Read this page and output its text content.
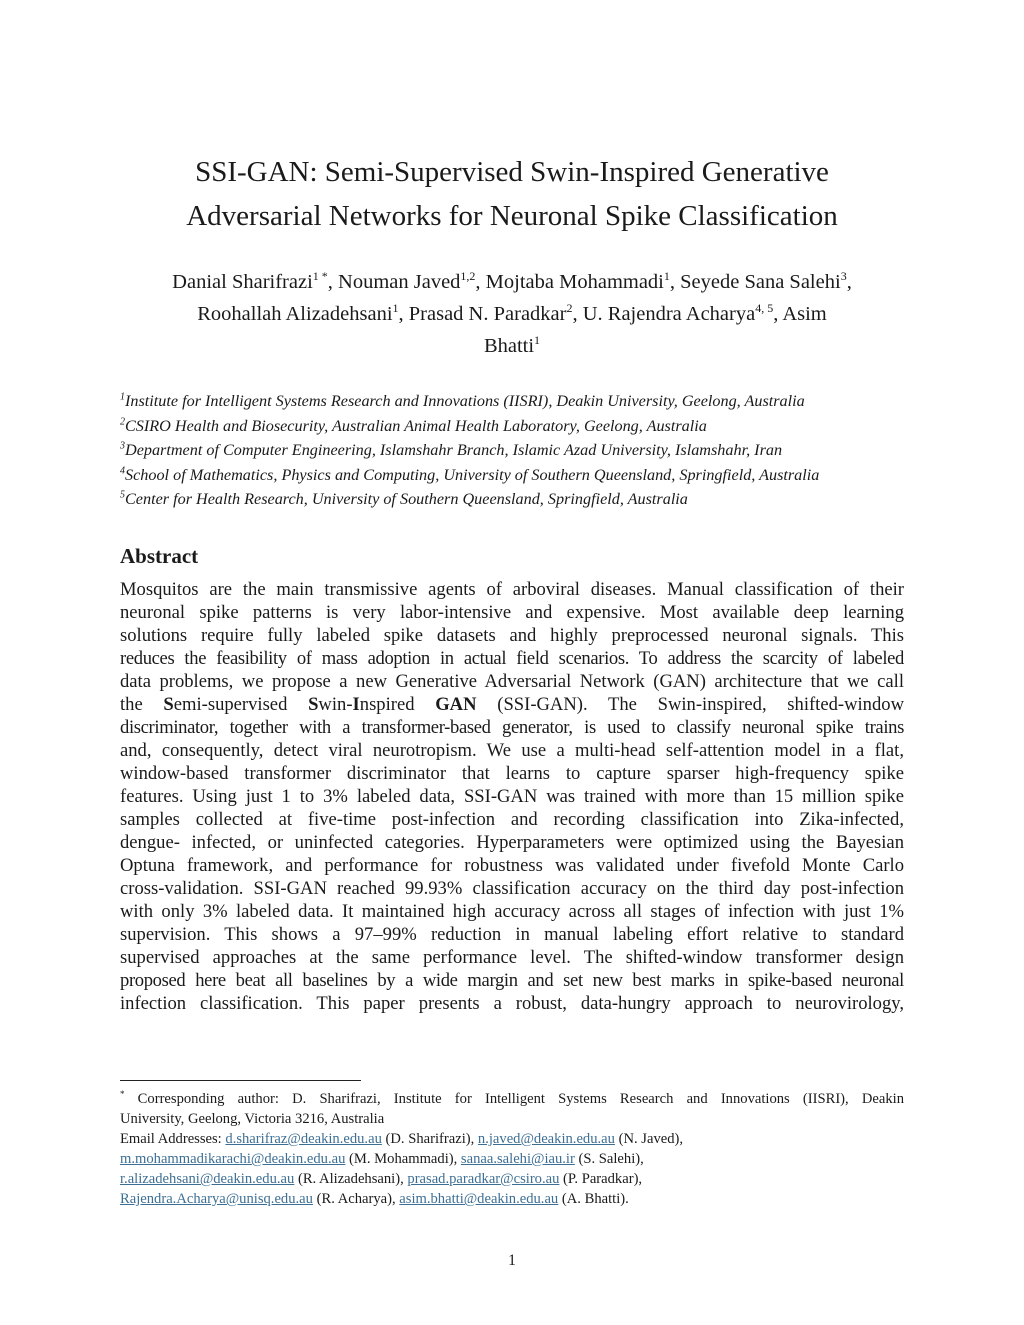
SSI-GAN: Semi-Supervised Swin-Inspired Generative
Adversarial Networks for Neuronal Spike Classification
Danial Sharifrazi$^{1 *}$, Nouman Javed$^{1,2}$, Mojtaba Mohammadi$^1$, Seyede Sana Salehi$^3$,
Roohallah Alizadehsani$^1$, Prasad N. Paradkar$^2$, U. Rajendra Acharya$^{4, 5}$, Asim
Bhatti$^1$
$^1$Institute for Intelligent Systems Research and Innovations (IISRI), Deakin University, Geelong, Australia
$^2$CSIRO Health and Biosecurity, Australian Animal Health Laboratory, Geelong, Australia
$^3$Department of Computer Engineering, Islamshahr Branch, Islamic Azad University, Islamshahr, Iran
$^4$School of Mathematics, Physics and Computing, University of Southern Queensland, Springfield, Australia
$^5$Center for Health Research, University of Southern Queensland, Springfield, Australia
Abstract
Mosquitos are the main transmissive agents of arboviral diseases. Manual classification of their
neuronal spike patterns is very labor-intensive and expensive. Most available deep learning
solutions require fully labeled spike datasets and highly preprocessed neuronal signals. This
reduces the feasibility of mass adoption in actual field scenarios. To address the scarcity of labeled
data problems, we propose a new Generative Adversarial Network (GAN) architecture that we call
the Semi-supervised Swin-Inspired GAN (SSI-GAN). The Swin-inspired, shifted-window
discriminator, together with a transformer-based generator, is used to classify neuronal spike trains
and, consequently, detect viral neurotropism. We use a multi-head self-attention model in a flat,
window-based transformer discriminator that learns to capture sparser high-frequency spike
features. Using just 1 to 3% labeled data, SSI-GAN was trained with more than 15 million spike
samples collected at five-time post-infection and recording classification into Zika-infected,
dengue- infected, or uninfected categories. Hyperparameters were optimized using the Bayesian
Optuna framework, and performance for robustness was validated under fivefold Monte Carlo
cross-validation. SSI-GAN reached 99.93% classification accuracy on the third day post-infection
with only 3% labeled data. It maintained high accuracy across all stages of infection with just 1%
supervision. This shows a 97–99% reduction in manual labeling effort relative to standard
supervised approaches at the same performance level. The shifted-window transformer design
proposed here beat all baselines by a wide margin and set new best marks in spike-based neuronal
infection classification. This paper presents a robust, data-hungry approach to neurovirology,
* Corresponding author: D. Sharifrazi, Institute for Intelligent Systems Research and Innovations (IISRI), Deakin
University, Geelong, Victoria 3216, Australia
Email Addresses: d.sharifraz@deakin.edu.au (D. Sharifrazi), n.javed@deakin.edu.au (N. Javed),
m.mohammadikarachi@deakin.edu.au (M. Mohammadi), sanaa.salehi@iau.ir (S. Salehi),
r.alizadehsani@deakin.edu.au (R. Alizadehsani), prasad.paradkar@csiro.au (P. Paradkar),
Rajendra.Acharya@unisq.edu.au (R. Acharya), asim.bhatti@deakin.edu.au (A. Bhatti).
1
